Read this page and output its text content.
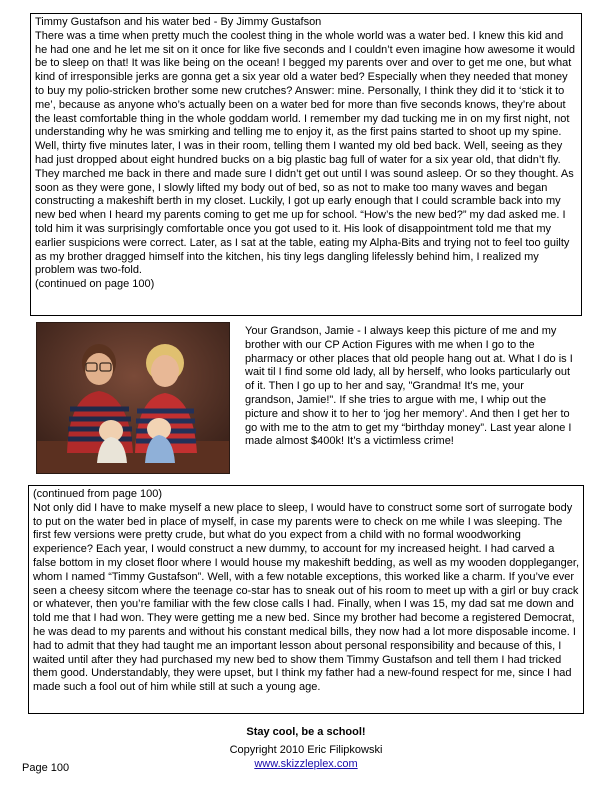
Timmy Gustafson and his water bed - By Jimmy Gustafson

There was a time when pretty much the coolest thing in the whole world was a water bed. I knew this kid and he had one and he let me sit on it once for like five seconds and I couldn’t even imagine how awesome it would be to sleep on that! It was like being on the ocean! I begged my parents over and over to get me one, but what kind of irresponsible jerks are gonna get a six year old a water bed? Especially when they needed that money to buy my polio-stricken brother some new crutches? Answer: mine. Personally, I think they did it to ‘stick it to me’, because as anyone who’s actually been on a water bed for more than five seconds knows, they’re about the least comfortable thing in the whole goddam world. I remember my dad tucking me in on my first night, not understanding why he was smirking and telling me to enjoy it, as the first pains started to shoot up my spine. Well, thirty five minutes later, I was in their room, telling them I wanted my old bed back. Well, seeing as they had just dropped about eight hundred bucks on a big plastic bag full of water for a six year old, that didn’t fly. They marched me back in there and made sure I didn’t get out until I was sound asleep. Or so they thought. As soon as they were gone, I slowly lifted my body out of bed, so as not to make too many waves and began constructing a makeshift berth in my closet. Luckily, I got up early enough that I could scramble back into my new bed when I heard my parents coming to get me up for school. “How’s the new bed?” my dad asked me. I told him it was surprisingly comfortable once you got used to it. His look of disappointment told me that my earlier suspicions were correct. Later, as I sat at the table, eating my Alpha-Bits and trying not to feel too guilty as my brother dragged himself into the kitchen, his tiny legs dangling lifelessly behind him, I realized my problem was two-fold.

(continued on page 100)

Your Grandson, Jamie - I always keep this picture of me and my brother with our CP Action Figures with me when I go to the pharmacy or other places that old people hang out at. What I do is I wait til I find some old lady, all by herself, who looks particularly out of it. Then I go up to her and say, "Grandma! It's me, your grandson, Jamie!". If she tries to argue with me, I whip out the picture and show it to her to ‘jog her memory’. And then I get her to go with me to the atm to get my “birthday money”. Last year alone I made almost $400k! It’s a victimless crime!

(continued from page 100)

Not only did I have to make myself a new place to sleep, I would have to construct some sort of surrogate body to put on the water bed in place of myself, in case my parents were to check on me while I was sleeping. The first few versions were pretty crude, but what do you expect from a child with no formal woodworking experience? Each year, I would construct a new dummy, to account for my increased height. I had carved a false bottom in my closet floor where I would house my makeshift bedding, as well as my wooden doppleganger, whom I named “Timmy Gustafson”. Well, with a few notable exceptions, this worked like a charm. If you’ve ever seen a cheesy sitcom where the teenage co-star has to sneak out of his room to meet up with a girl or buy crack or whatever, then you’re familiar with the few close calls I had. Finally, when I was 15, my dad sat me down and told me that I had won. They were getting me a new bed. Since my brother had become a registered Democrat, he was dead to my parents and without his constant medical bills, they now had a lot more disposable income. I had to admit that they had taught me an important lesson about personal responsibility and because of this, I waited until after they had purchased my new bed to show them Timmy Gustafson and tell them I had tricked them good. Understandably, they were upset, but I think my father had a new-found respect for me, since I had made such a fool out of him while still at such a young age.

Stay cool, be a school!
Copyright 2010 Eric Filipkowski
www.skizzleplex.com
Page 100
